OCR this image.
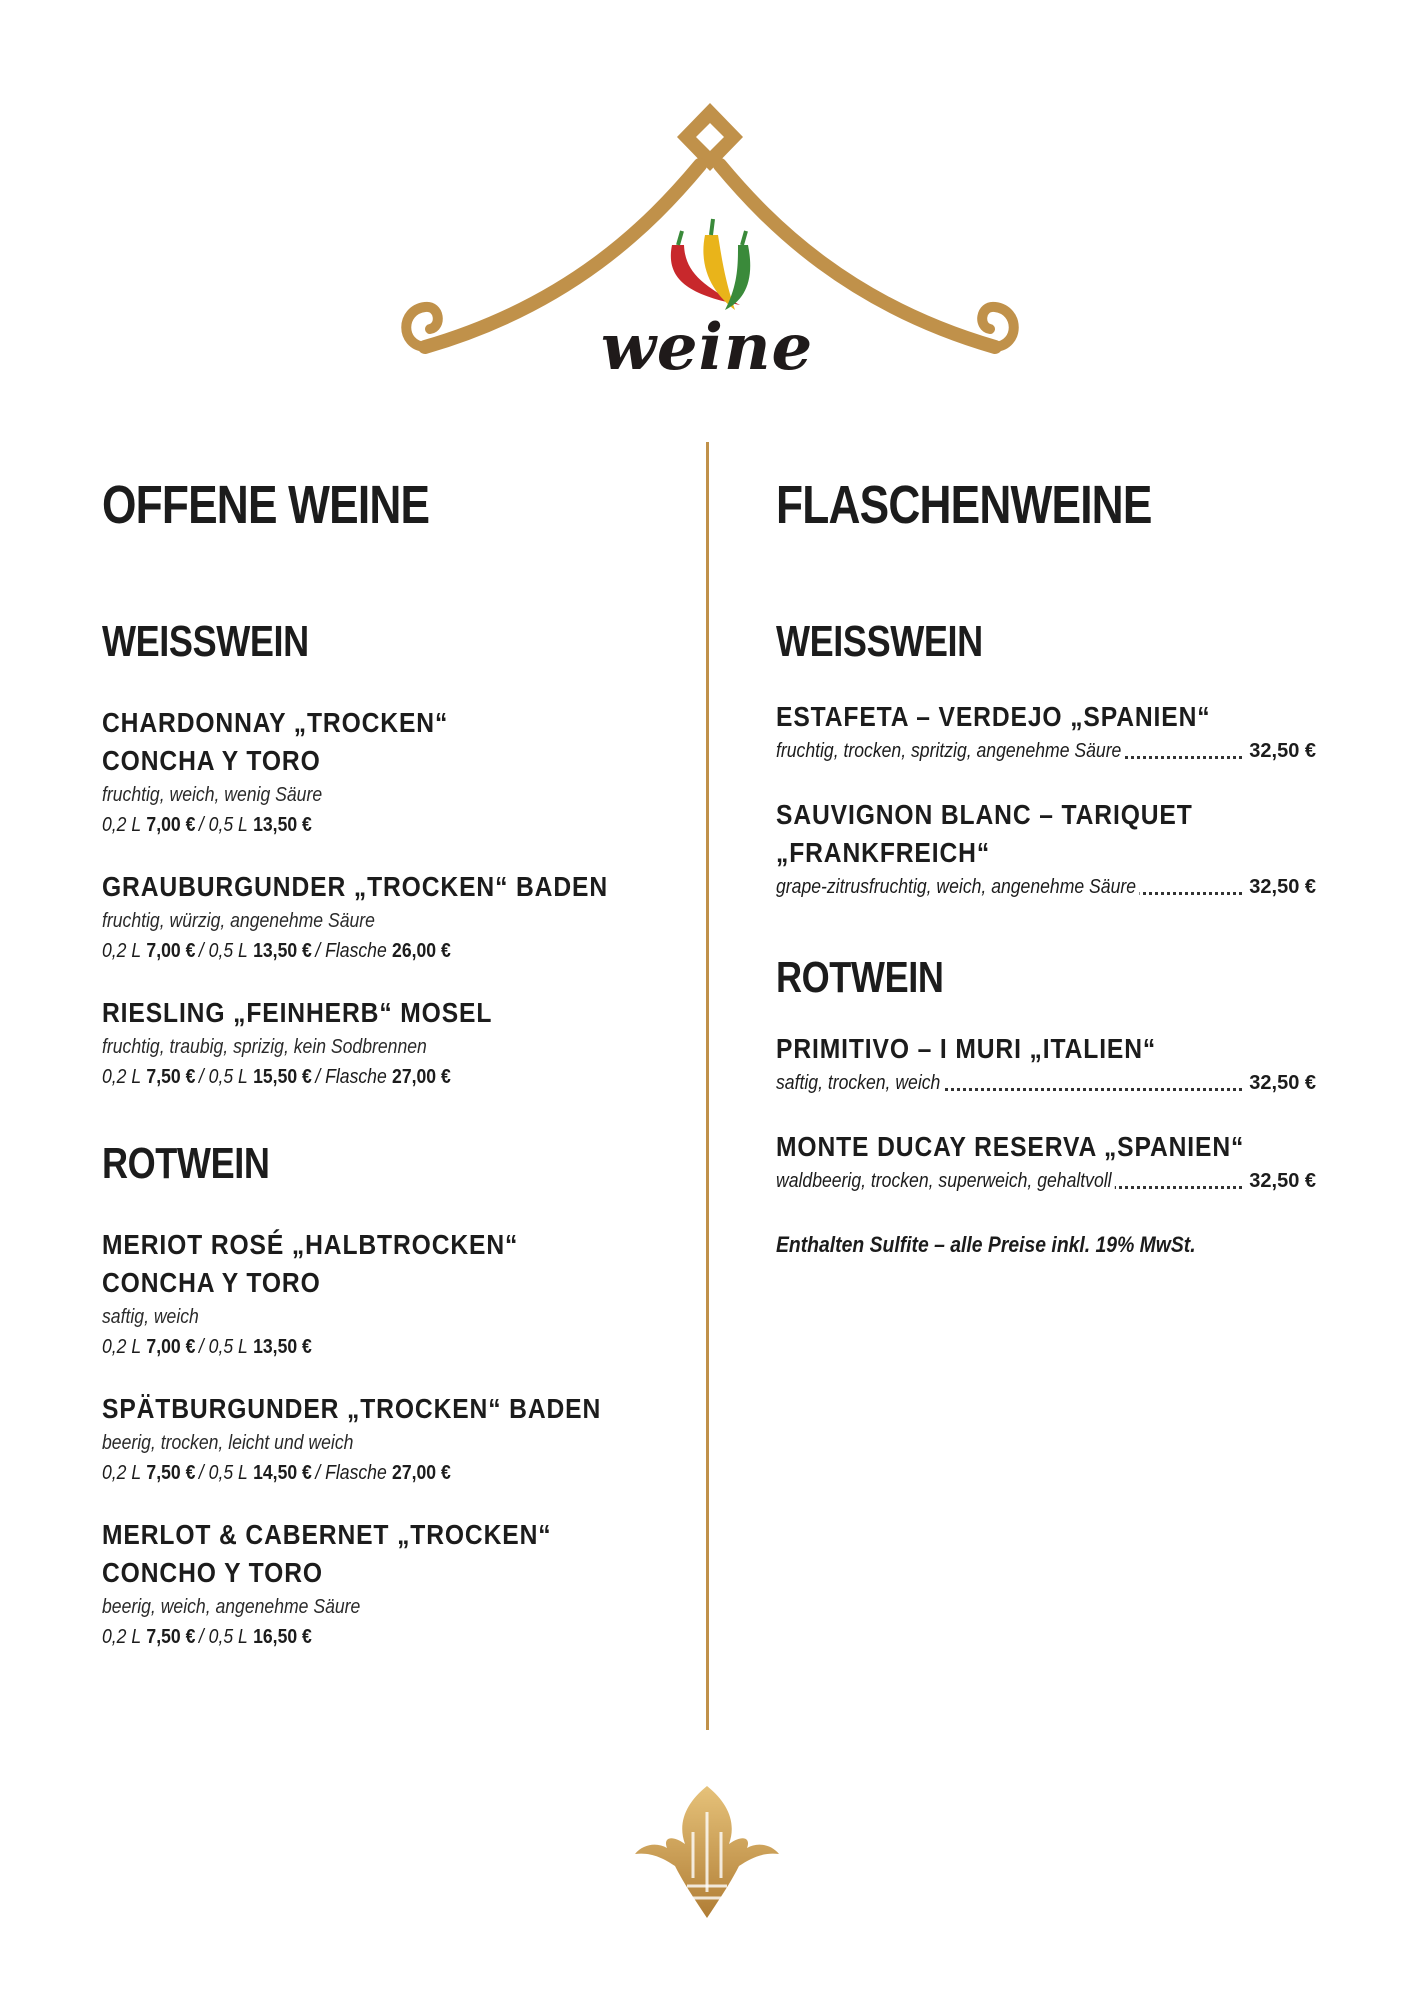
weine
OFFENE WEINE
WEISSWEIN
CHARDONNAY „TROCKEN“
CONCHA Y TORO
fruchtig, weich, wenig Säure
0,2 L 7,00 € / 0,5 L 13,50 €
GRAUBURGUNDER „TROCKEN“ BADEN
fruchtig, würzig, angenehme Säure
0,2 L 7,00 € / 0,5 L 13,50 € / Flasche 26,00 €
RIESLING „FEINHERB“ MOSEL
fruchtig, traubig, sprizig, kein Sodbrennen
0,2 L 7,50 € / 0,5 L 15,50 € / Flasche 27,00 €
ROTWEIN
MERIOT ROSÉ „HALBTROCKEN“
CONCHA Y TORO
saftig, weich
0,2 L 7,00 € / 0,5 L 13,50 €
SPÄTBURGUNDER „TROCKEN“ BADEN
beerig, trocken, leicht und weich
0,2 L 7,50 € / 0,5 L 14,50 € / Flasche 27,00 €
MERLOT & CABERNET „TROCKEN“
CONCHO Y TORO
beerig, weich, angenehme Säure
0,2 L 7,50 € / 0,5 L 16,50 €
FLASCHENWEINE
WEISSWEIN
ESTAFETA – VERDEJO „SPANIEN“
fruchtig, trocken, spritzig, angenehme Säure	32,50 €
SAUVIGNON BLANC – TARIQUET
„FRANKFREICH“
grape-zitrusfruchtig, weich, angenehme Säure	32,50 €
ROTWEIN
PRIMITIVO – I MURI „ITALIEN“
saftig, trocken, weich	32,50 €
MONTE DUCAY RESERVA „SPANIEN“
waldbeerig, trocken, superweich, gehaltvoll	32,50 €
Enthalten Sulfite – alle Preise inkl. 19% MwSt.
